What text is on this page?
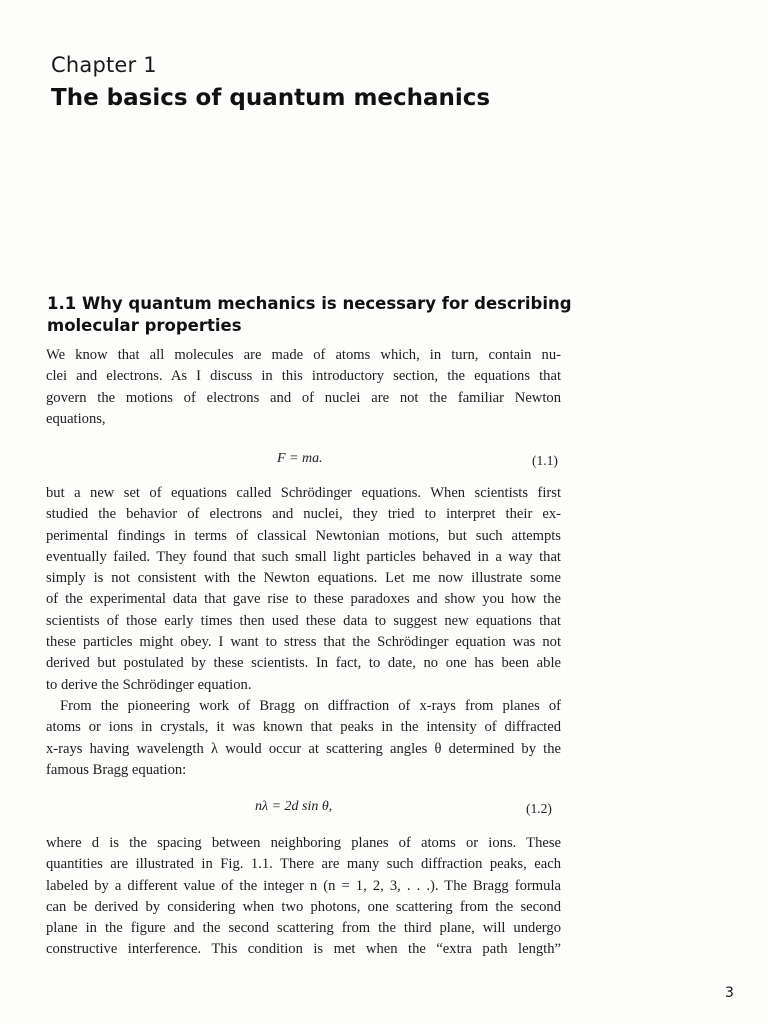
Chapter 1
The basics of quantum mechanics
1.1 Why quantum mechanics is necessary for describing
molecular properties
We know that all molecules are made of atoms which, in turn, contain nu-
clei and electrons. As I discuss in this introductory section, the equations that
govern the motions of electrons and of nuclei are not the familiar Newton
equations,
F = ma.	(1.1)
but a new set of equations called Schrödinger equations. When scientists first
studied the behavior of electrons and nuclei, they tried to interpret their ex-
perimental findings in terms of classical Newtonian motions, but such attempts
eventually failed. They found that such small light particles behaved in a way that
simply is not consistent with the Newton equations. Let me now illustrate some
of the experimental data that gave rise to these paradoxes and show you how the
scientists of those early times then used these data to suggest new equations that
these particles might obey. I want to stress that the Schrödinger equation was not
derived but postulated by these scientists. In fact, to date, no one has been able
to derive the Schrödinger equation.
From the pioneering work of Bragg on diffraction of x-rays from planes of
atoms or ions in crystals, it was known that peaks in the intensity of diffracted
x-rays having wavelength λ would occur at scattering angles θ determined by the
famous Bragg equation:
nλ = 2d sin θ,	(1.2)
where d is the spacing between neighboring planes of atoms or ions. These
quantities are illustrated in Fig. 1.1. There are many such diffraction peaks, each
labeled by a different value of the integer n (n = 1, 2, 3, . . .). The Bragg formula
can be derived by considering when two photons, one scattering from the second
plane in the figure and the second scattering from the third plane, will undergo
constructive interference. This condition is met when the “extra path length”
3
